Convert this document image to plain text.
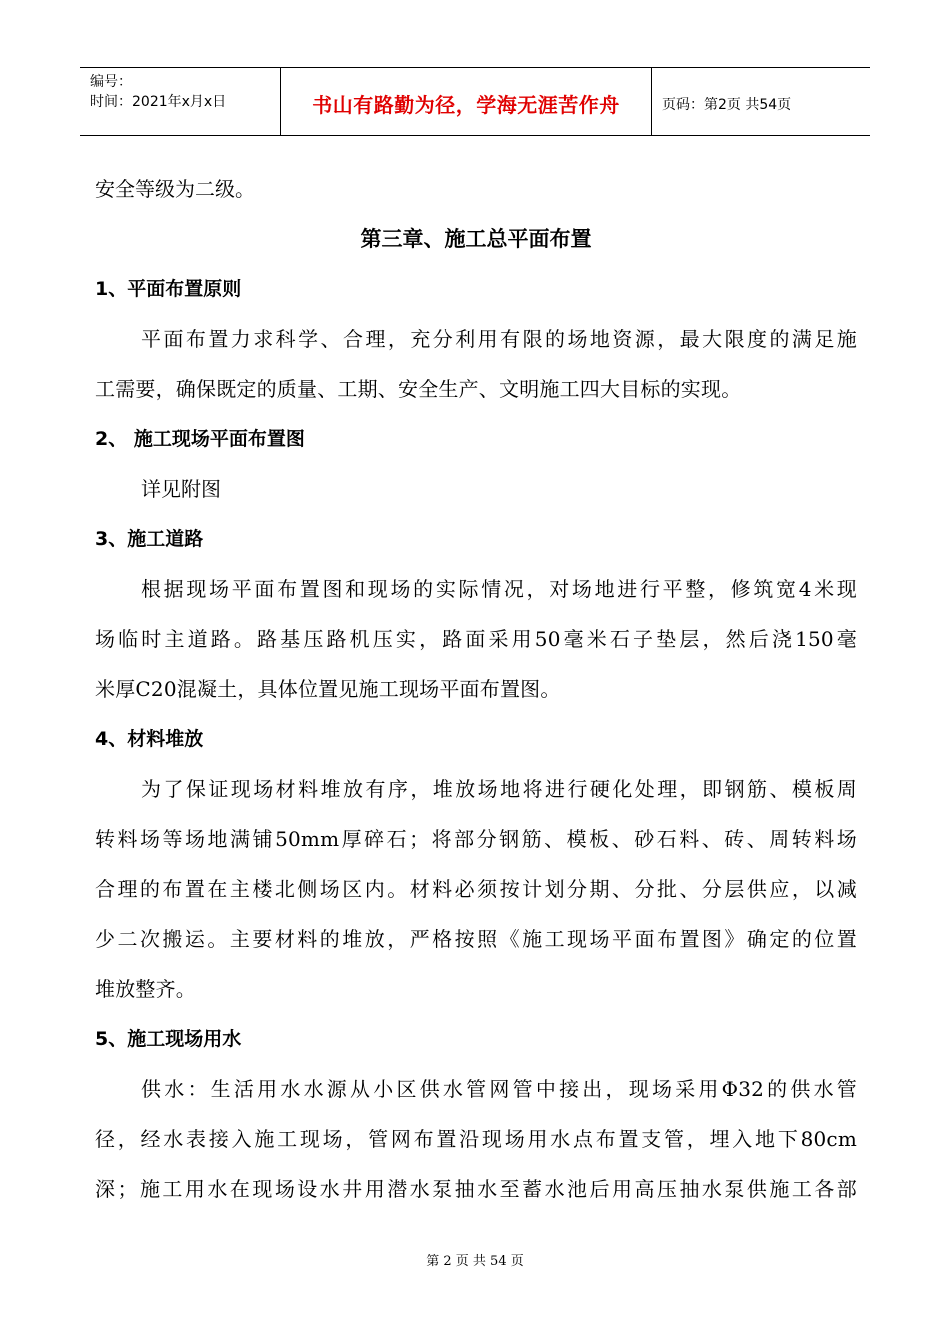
编号：
时间：2021年x月x日	书山有路勤为径，学海无涯苦作舟	页码：第2页 共54页
安全等级为二级。
第三章、施工总平面布置
1、平面布置原则
平面布置力求科学、合理，充分利用有限的场地资源，最大限度的满足施
工需要，确保既定的质量、工期、安全生产、文明施工四大目标的实现。
2、 施工现场平面布置图
详见附图
3、施工道路
根据现场平面布置图和现场的实际情况，对场地进行平整，修筑宽4米现
场临时主道路。路基压路机压实，路面采用50毫米石子垫层，然后浇150毫
米厚C20混凝土，具体位置见施工现场平面布置图。
4、材料堆放
为了保证现场材料堆放有序，堆放场地将进行硬化处理，即钢筋、模板周
转料场等场地满铺50mm厚碎石；将部分钢筋、模板、砂石料、砖、周转料场
合理的布置在主楼北侧场区内。材料必须按计划分期、分批、分层供应，以减
少二次搬运。主要材料的堆放，严格按照《施工现场平面布置图》确定的位置
堆放整齐。
5、施工现场用水
供水：生活用水水源从小区供水管网管中接出，现场采用Φ32的供水管
径，经水表接入施工现场，管网布置沿现场用水点布置支管，埋入地下80cm
深；施工用水在现场设水井用潜水泵抽水至蓄水池后用高压抽水泵供施工各部
第 2 页 共 54 页
